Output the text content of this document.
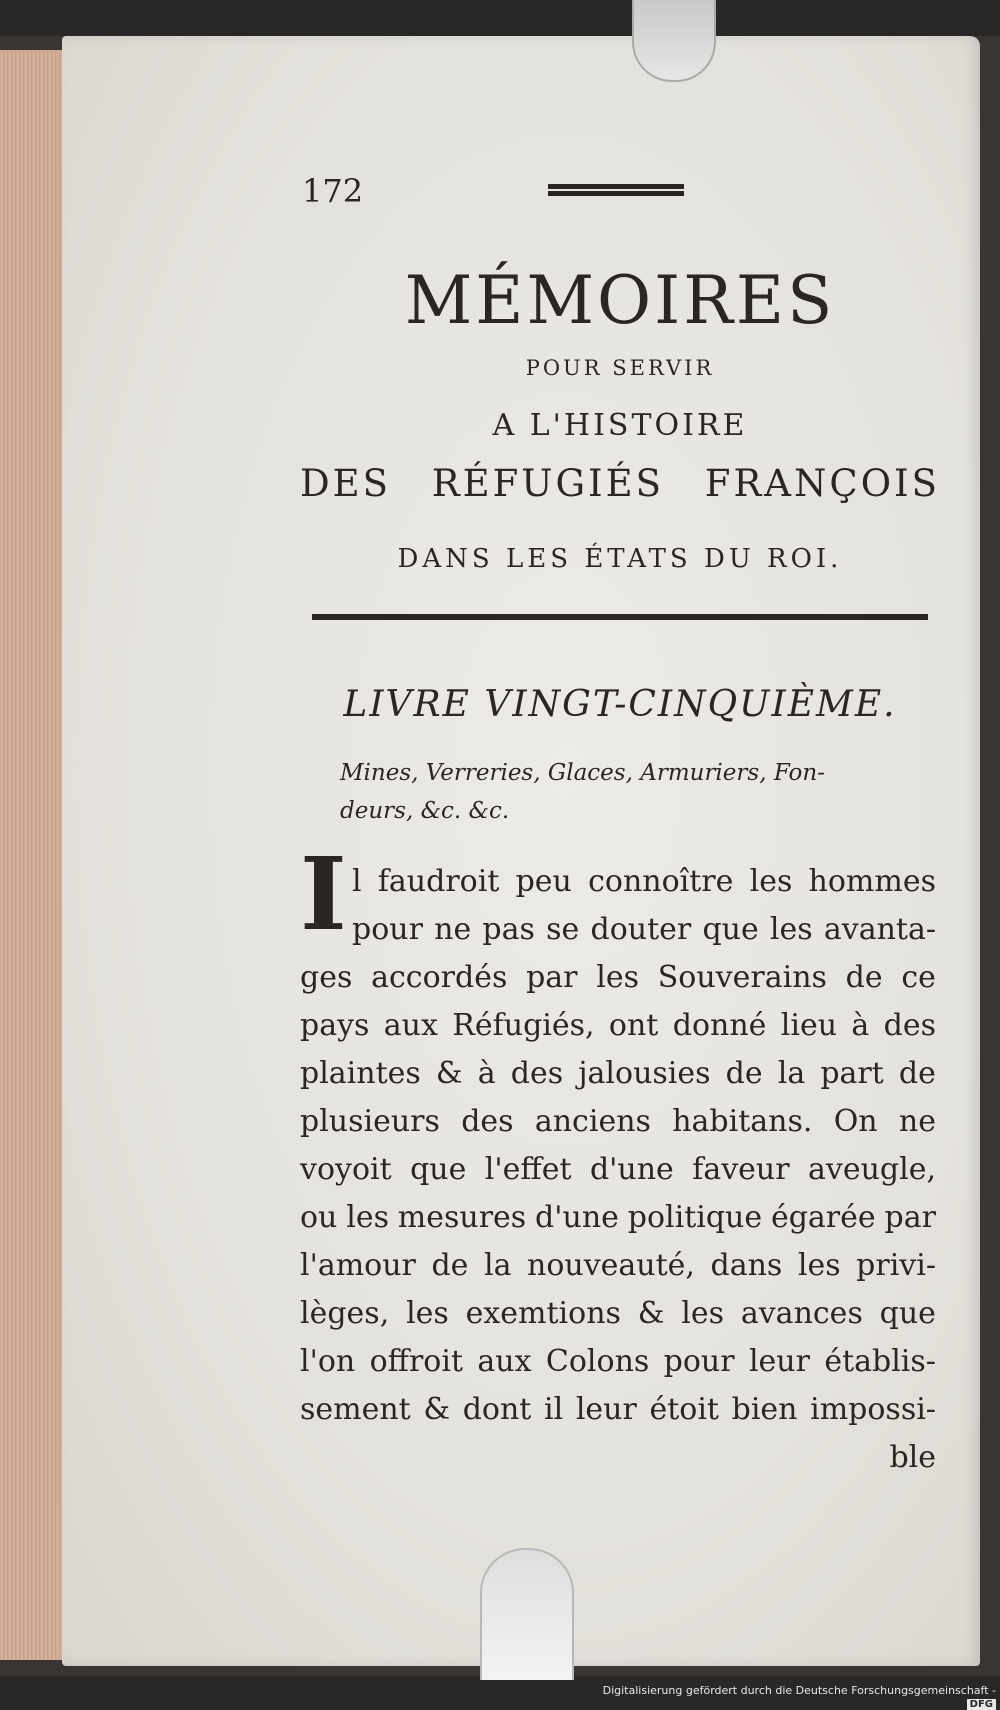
172
MÉMOIRES
POUR SERVIR
A L'HISTOIRE
DES RÉFUGIÉS FRANÇOIS
DANS LES ÉTATS DU ROI.
LIVRE VINGT-CINQUIÈME.
Mines, Verreries, Glaces, Armuriers, Fon-
deurs, &c. &c.
I l faudroit peu connoître les hommes
pour ne pas se douter que les avanta-
ges accordés par les Souverains de ce
pays aux Réfugiés, ont donné lieu à des
plaintes & à des jalousies de la part de
plusieurs des anciens habitans. On ne
voyoit que l'effet d'une faveur aveugle,
ou les mesures d'une politique égarée par
l'amour de la nouveauté, dans les privi-
lèges, les exemtions & les avances que
l'on offroit aux Colons pour leur établis-
sement & dont il leur étoit bien impossi-
ble
Digitalisierung gefördert durch die Deutsche Forschungsgemeinschaft -DFG
